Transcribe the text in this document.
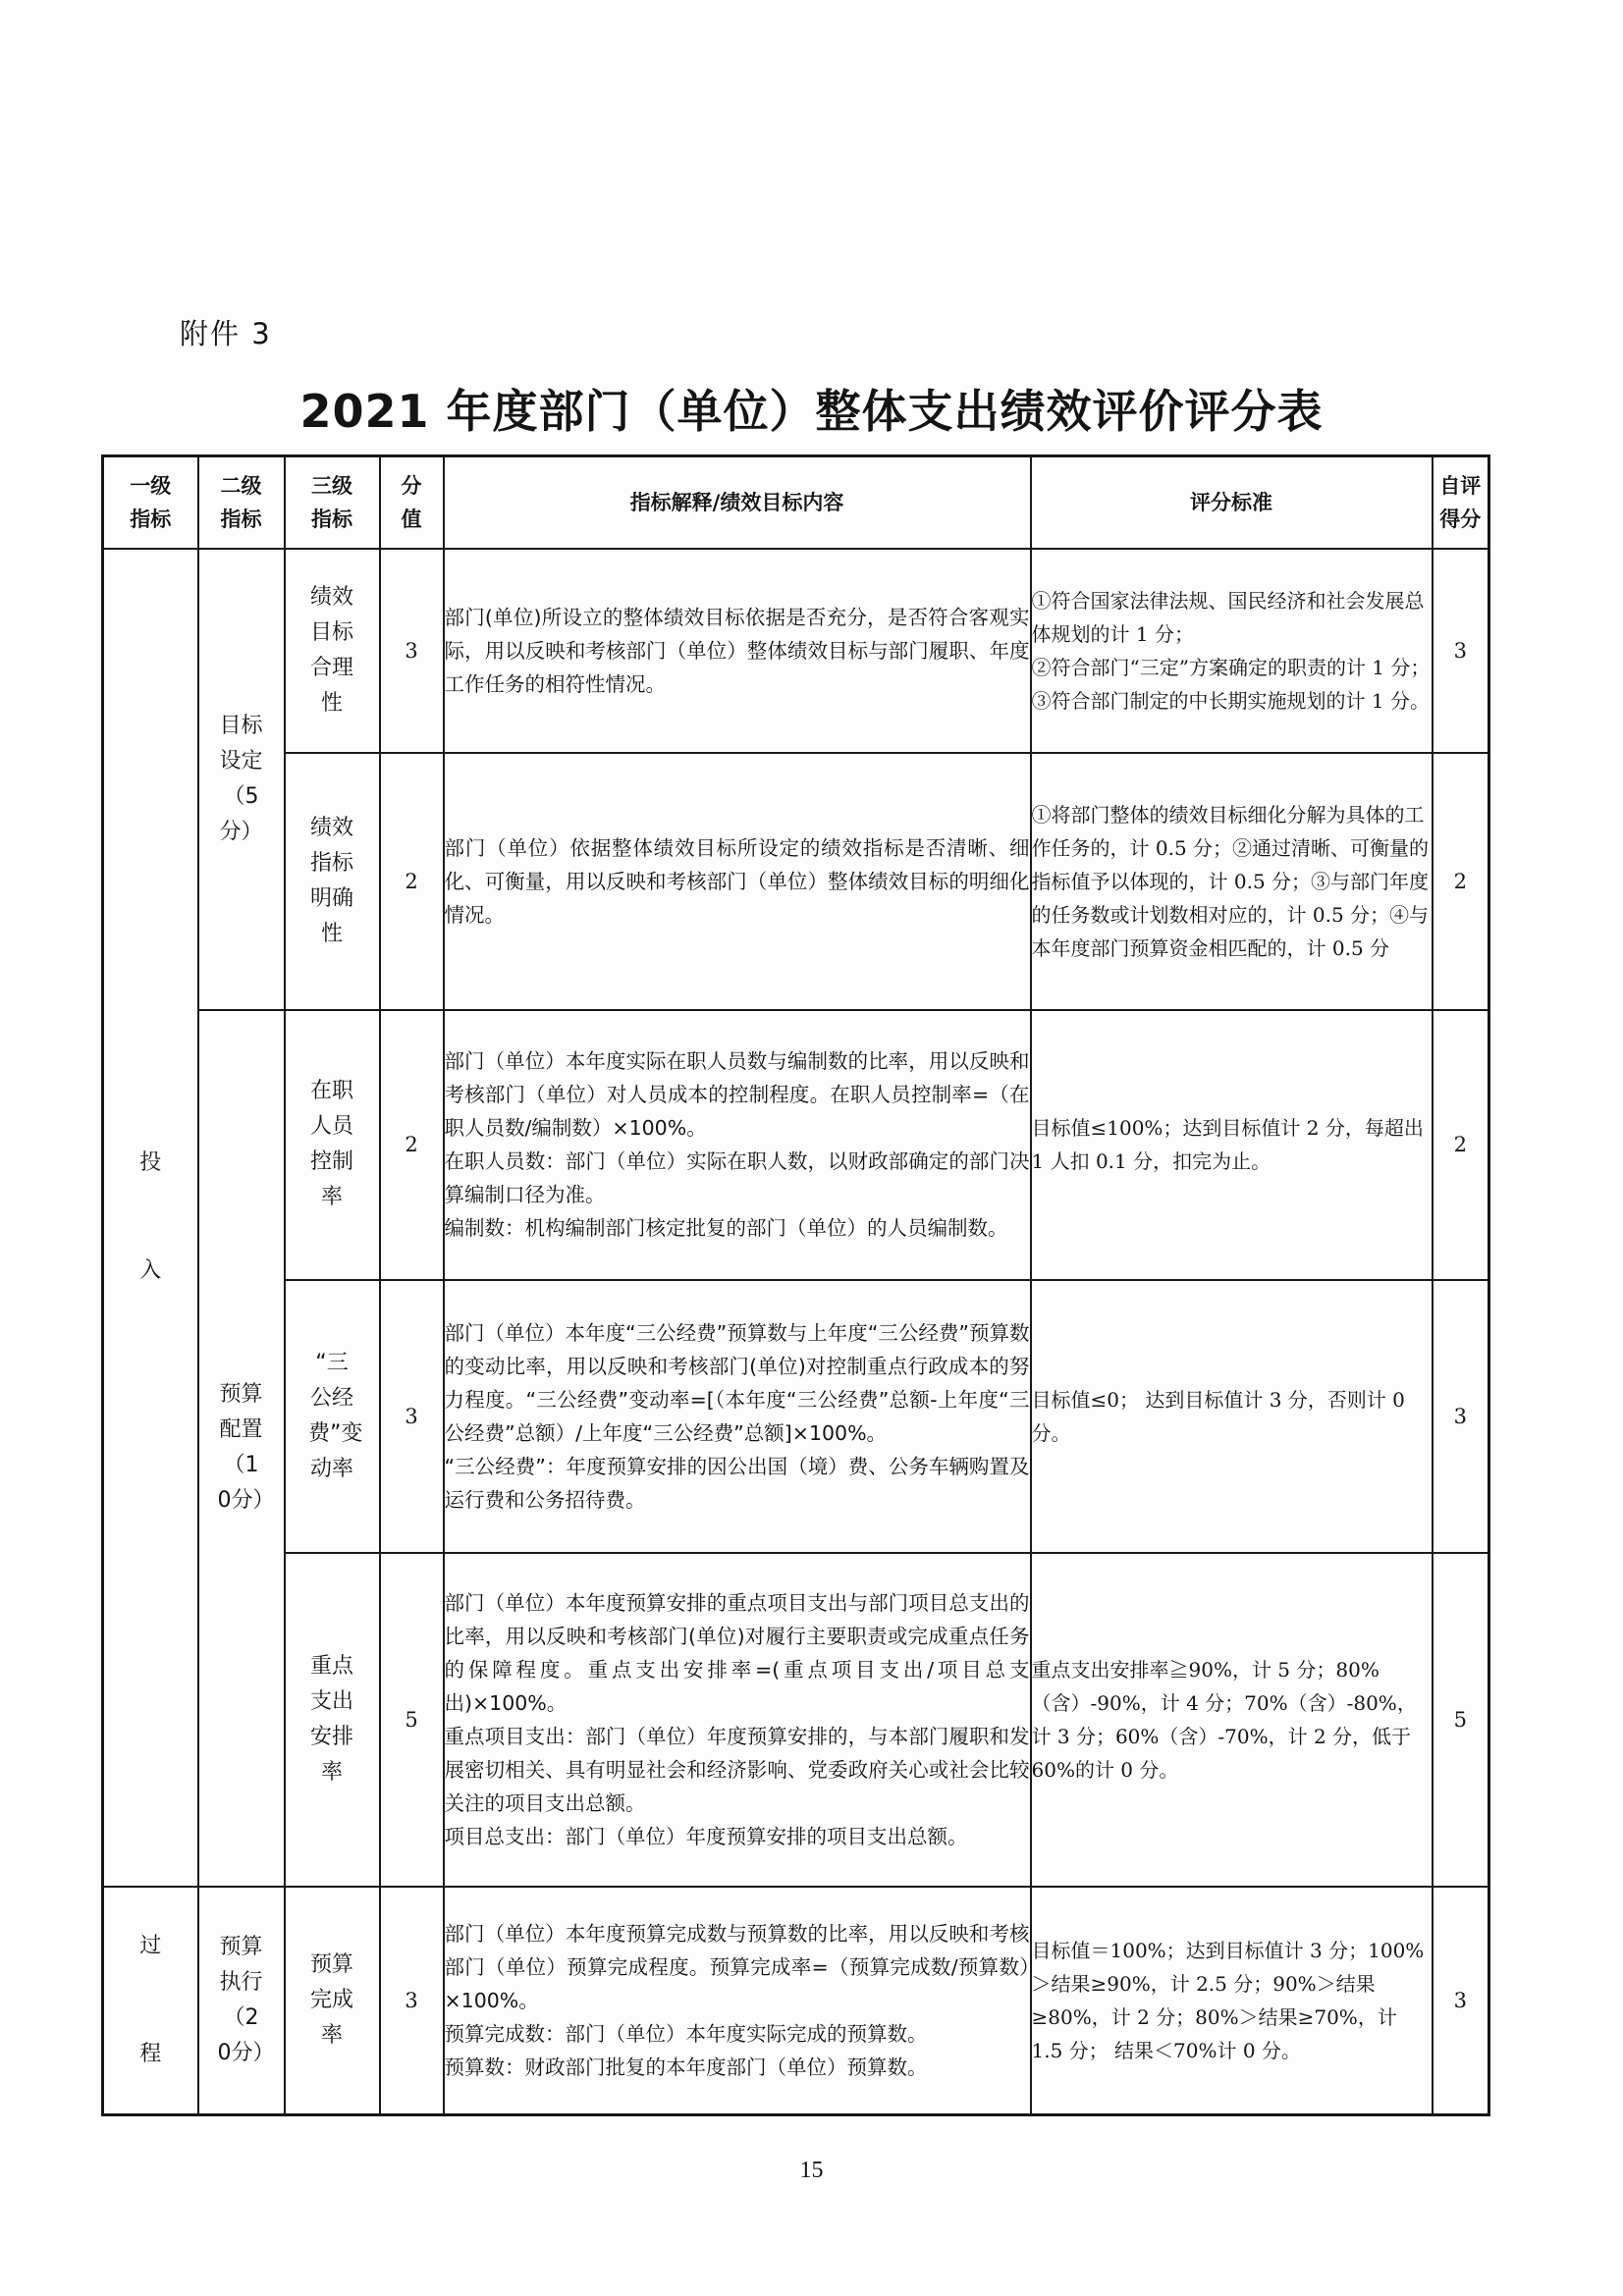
附件 3
2021 年度部门（单位）整体支出绩效评价评分表
一级指标	二级指标	三级指标	分值	指标解释/绩效目标内容	评分标准	自评得分
投入	目标设定（5分）	绩效目标合理性	3	部门(单位)所设立的整体绩效目标依据是否充分，是否符合客观实际，用以反映和考核部门（单位）整体绩效目标与部门履职、年度工作任务的相符性情况。	①符合国家法律法规、国民经济和社会发展总体规划的计 1 分；

②符合部门“三定”方案确定的职责的计 1 分；

③符合部门制定的中长期实施规划的计 1 分。	3
		绩效指标明确性	2	部门（单位）依据整体绩效目标所设定的绩效指标是否清晰、细化、可衡量，用以反映和考核部门（单位）整体绩效目标的明细化情况。	①将部门整体的绩效目标细化分解为具体的工作任务的，计 0.5 分；②通过清晰、可衡量的指标值予以体现的，计 0.5 分；③与部门年度的任务数或计划数相对应的，计 0.5 分；④与本年度部门预算资金相匹配的，计 0.5 分	2
	预算配置（10分）	在职人员控制率	2	部门（单位）本年度实际在职人员数与编制数的比率，用以反映和考核部门（单位）对人员成本的控制程度。在职人员控制率=（在职人员数/编制数）×100%。

在职人员数：部门（单位）实际在职人数，以财政部确定的部门决算编制口径为准。

编制数：机构编制部门核定批复的部门（单位）的人员编制数。	目标值≤100%；达到目标值计 2 分，每超出 1 人扣 0.1 分，扣完为止。	2
		“三公经费”变动率	3	部门（单位）本年度“三公经费”预算数与上年度“三公经费”预算数的变动比率，用以反映和考核部门(单位)对控制重点行政成本的努力程度。“三公经费”变动率=[（本年度“三公经费”总额-上年度“三公经费”总额）/上年度“三公经费”总额]×100%。

“三公经费”：年度预算安排的因公出国（境）费、公务车辆购置及运行费和公务招待费。	目标值≤0； 达到目标值计 3 分，否则计 0 分。	3
		重点支出安排率	5	部门（单位）本年度预算安排的重点项目支出与部门项目总支出的比率，用以反映和考核部门(单位)对履行主要职责或完成重点任务的保障程度。重点支出安排率=(重点项目支出/项目总支出)×100%。

重点项目支出：部门（单位）年度预算安排的，与本部门履职和发展密切相关、具有明显社会和经济影响、党委政府关心或社会比较关注的项目支出总额。

项目总支出：部门（单位）年度预算安排的项目支出总额。	重点支出安排率≧90%，计 5 分；80%（含）-90%，计 4 分；70%（含）-80%，计 3 分；60%（含）-70%，计 2 分，低于 60%的计 0 分。	5
过程	预算执行（20分）	预算完成率	3	部门（单位）本年度预算完成数与预算数的比率，用以反映和考核部门（单位）预算完成程度。预算完成率=（预算完成数/预算数）×100%。

预算完成数：部门（单位）本年度实际完成的预算数。

预算数：财政部门批复的本年度部门（单位）预算数。	目标值＝100%；达到目标值计 3 分；100%＞结果≥90%，计 2.5 分；90%＞结果≥80%，计 2 分；80%＞结果≥70%，计 1.5 分； 结果＜70%计 0 分。	3
15
